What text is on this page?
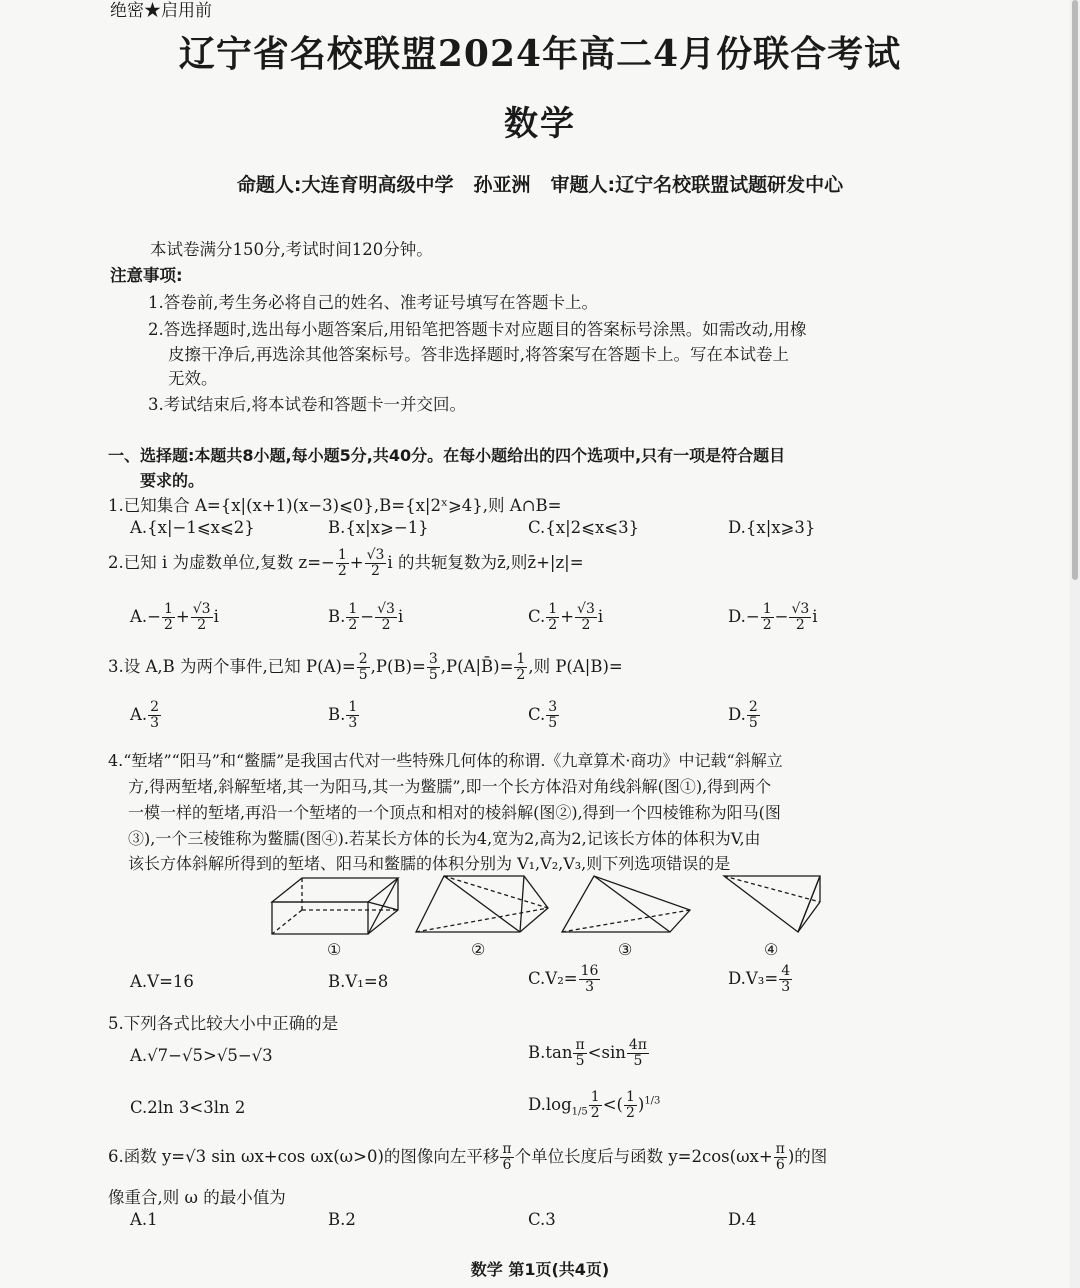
绝密★启用前
辽宁省名校联盟2024年高二4月份联合考试
数学
命题人:大连育明高级中学 孙亚洲 审题人:辽宁名校联盟试题研发中心
本试卷满分150分,考试时间120分钟。
注意事项:
1.答卷前,考生务必将自己的姓名、准考证号填写在答题卡上。
2.答选择题时,选出每小题答案后,用铅笔把答题卡对应题目的答案标号涂黑。如需改动,用橡
皮擦干净后,再选涂其他答案标号。答非选择题时,将答案写在答题卡上。写在本试卷上
无效。
3.考试结束后,将本试卷和答题卡一并交回。
一、选择题:本题共8小题,每小题5分,共40分。在每小题给出的四个选项中,只有一项是符合题目
要求的。
1.已知集合 A={x|(x+1)(x−3)⩽0},B={x|2ˣ⩾4},则 A∩B=
A.{x|−1⩽x⩽2}	B.{x|x⩾−1}	C.{x|2⩽x⩽3}	D.{x|x⩾3}
2.已知 i 为虚数单位,复数 $z=- \frac{1}{2} + \frac{√3}{2}$ i 的共轭复数为z̄,则z̄+|z|=
$A.- \frac{1}{2} + \frac{√3}{2}$ i	B. $\frac{1}{2} - \frac{√3}{2}$ i	C. $\frac{1}{2} + \frac{√3}{2}$ i	$D.- \frac{1}{2} - \frac{√3}{2}$ i
3.设 A,B 为两个事件,已知 $P(A)= \frac{2}{5} ,P(B)= \frac{3}{5}$ ,P(A|B̄)= $\frac{1}{2}$ ,则 P(A|B)=
A. $\frac{2}{3}$	B. $\frac{1}{3}$	C. $\frac{3}{5}$	D. $\frac{2}{5}$
4.“堑堵”“阳马”和“鳖臑”是我国古代对一些特殊几何体的称谓.《九章算术·商功》中记载“斜解立
方,得两堑堵,斜解堑堵,其一为阳马,其一为鳖臑”,即一个长方体沿对角线斜解(图①),得到两个
一模一样的堑堵,再沿一个堑堵的一个顶点和相对的棱斜解(图②),得到一个四棱锥称为阳马(图
③),一个三棱锥称为鳖臑(图④).若某长方体的长为4,宽为2,高为2,记该长方体的体积为V,由
该长方体斜解所得到的堑堵、阳马和鳖臑的体积分别为 V₁,V₂,V₃,则下列选项错误的是
①	②	③	④
A.V=16	B.V₁=8	$C.V_2= \frac{16}{3}$	$D.V_3= \frac{4}{3}$
5.下列各式比较大小中正确的是
A.√7−√5>√5−√3	$B.\tan \frac{\pi}{5} <\sin \frac{4\pi}{5}$
C.2ln 3<3ln 2	$D.\log_{1/5} \frac{1}{2}$ <( $\frac{1}{2} )^{1/3}$
6.函数 y=√3 sin ωx+cos ωx(ω>0)的图像向左平移 $\frac{\pi}{6}$ 个单位长度后与函数 $y=2\cos(\omega x+ \frac{\pi}{6}$ )的图
像重合,则 ω 的最小值为
A.1	B.2	C.3	D.4
数学 第1页(共4页)
